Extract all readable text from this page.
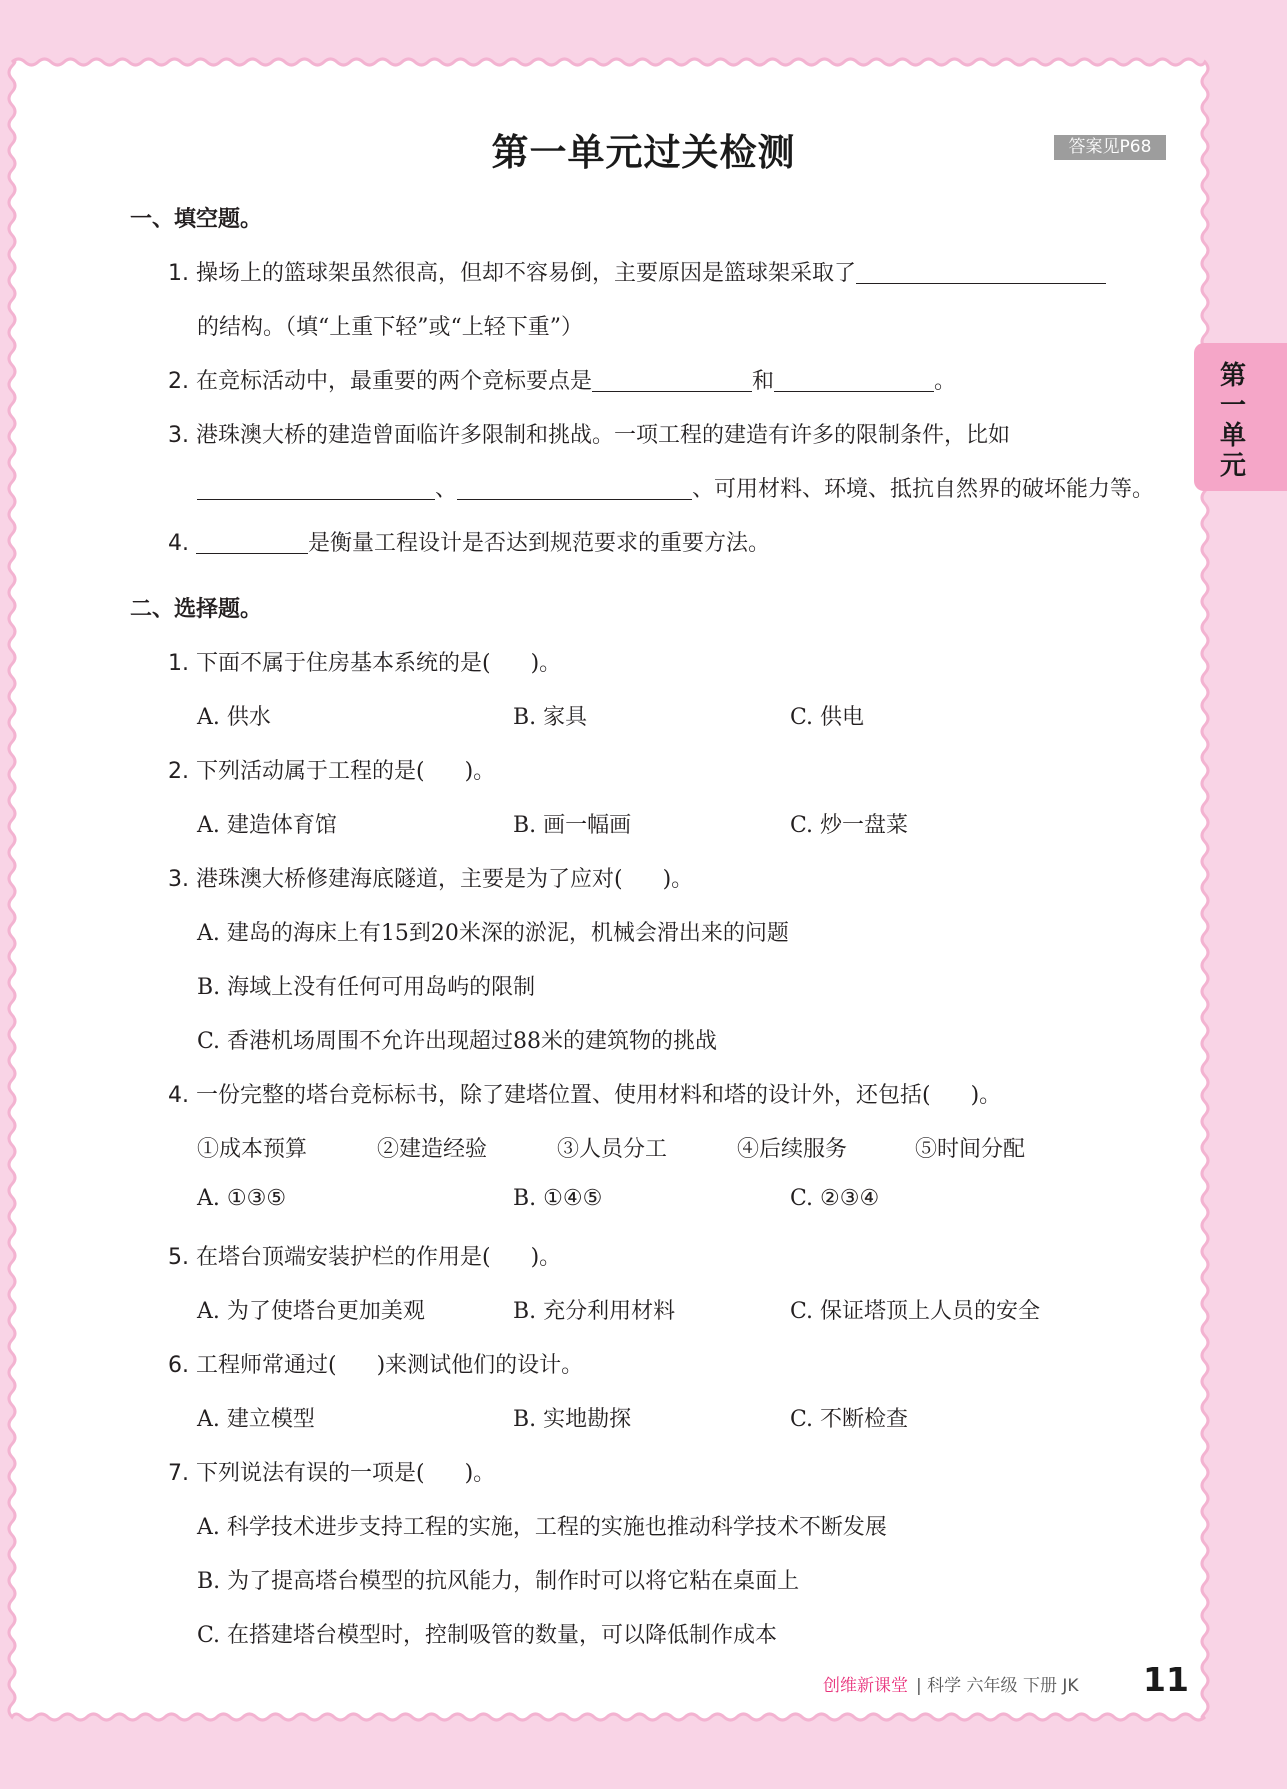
第一单元过关检测	答案见P68
第一单元
一、填空题。
1. 操场上的篮球架虽然很高，但却不容易倒，主要原因是篮球架采取了
的结构。（填“上重下轻”或“上轻下重”）
2. 在竞标活动中，最重要的两个竞标要点是	和	。
3. 港珠澳大桥的建造曾面临许多限制和挑战。一项工程的建造有许多的限制条件，比如
、	、可用材料、环境、抵抗自然界的破坏能力等。
4.	是衡量工程设计是否达到规范要求的重要方法。
二、选择题。
1. 下面不属于住房基本系统的是( )。
A. 供水	B. 家具	C. 供电
2. 下列活动属于工程的是( )。
A. 建造体育馆	B. 画一幅画	C. 炒一盘菜
3. 港珠澳大桥修建海底隧道，主要是为了应对( )。
A. 建岛的海床上有15到20米深的淤泥，机械会滑出来的问题
B. 海域上没有任何可用岛屿的限制
C. 香港机场周围不允许出现超过88米的建筑物的挑战
4. 一份完整的塔台竞标标书，除了建塔位置、使用材料和塔的设计外，还包括( )。
①成本预算	②建造经验	③人员分工	④后续服务	⑤时间分配
A. ①③⑤	B. ①④⑤	C. ②③④
5. 在塔台顶端安装护栏的作用是( )。
A. 为了使塔台更加美观	B. 充分利用材料	C. 保证塔顶上人员的安全
6. 工程师常通过( )来测试他们的设计。
A. 建立模型	B. 实地勘探	C. 不断检查
7. 下列说法有误的一项是( )。
A. 科学技术进步支持工程的实施，工程的实施也推动科学技术不断发展
B. 为了提高塔台模型的抗风能力，制作时可以将它粘在桌面上
C. 在搭建塔台模型时，控制吸管的数量，可以降低制作成本
创维新课堂 | 科学 六年级 下册 JK 11
